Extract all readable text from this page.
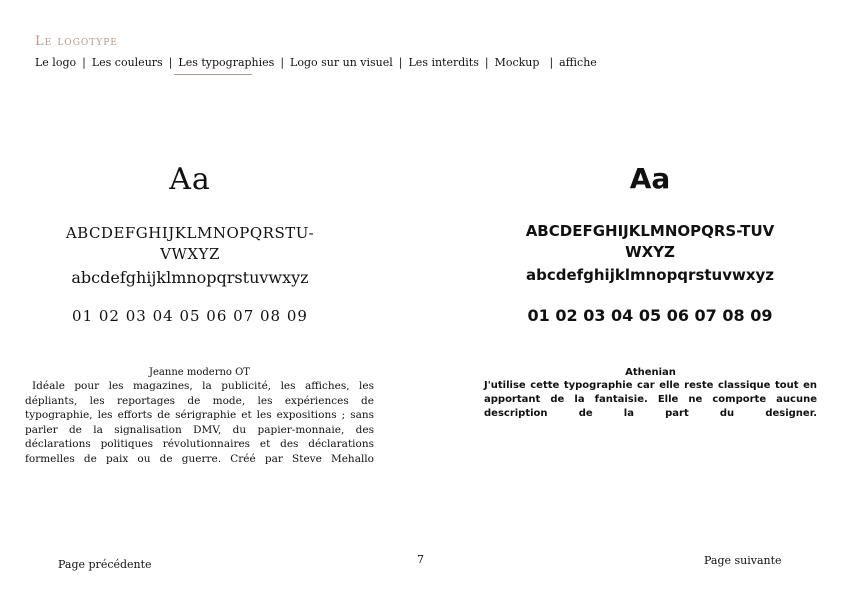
Le logotype
Le logo | Les couleurs | Les typographies | Logo sur un visuel | Les interdits | Mockup | affiche
Aa
ABCDEFGHIJKLMNOPQRSTU-VWXYZ
abcdefghijklmnopqrstuvwxyz
01 02 03 04 05 06 07 08 09
Aa
ABCDEFGHIJKLMNOPQRS-TUVWXYZ
abcdefghijklmnopqrstuvwxyz
01 02 03 04 05 06 07 08 09
Jeanne moderno OT
Idéale pour les magazines, la publicité, les affiches, les dépliants, les reportages de mode, les expériences de typographie, les efforts de sérigraphie et les expositions ; sans parler de la signalisation DMV, du papier-monnaie, des déclarations politiques révolutionnaires et des déclarations formelles de paix ou de guerre. Créé par Steve Mehallo
Athenian
J'utilise cette typographie car elle reste classique tout en apportant de la fantaisie. Elle ne comporte aucune description de la part du designer.
Page précédente	7	Page suivante
